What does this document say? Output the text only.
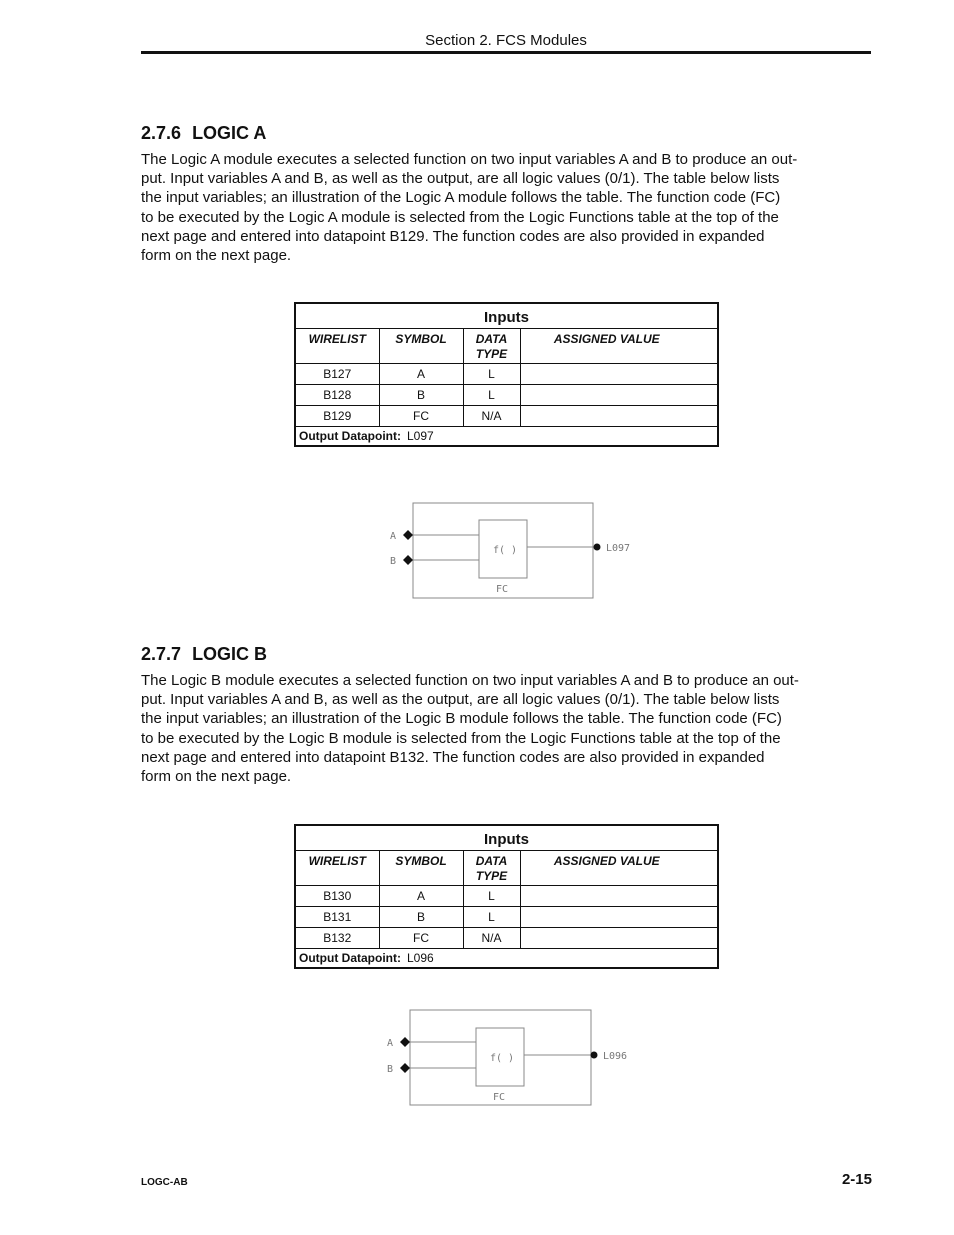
Section 2. FCS Modules
2.7.6 LOGIC A

The Logic A module executes a selected function on two input variables A and B to produce an out-
put. Input variables A and B, as well as the output, are all logic values (0/1). The table below lists
the input variables; an illustration of the Logic A module follows the table. The function code (FC)
to be executed by the Logic A module is selected from the Logic Functions table at the top of the
next page and entered into datapoint B129. The function codes are also provided in expanded
form on the next page.

Inputs			
WIRELIST	SYMBOL	DATA TYPE	ASSIGNED VALUE
B127	A	L	
B128	B	L	
B129	FC	N/A	
Output Datapoint: L097			
A
B
f( )
FC
L097
2.7.7 LOGIC B

The Logic B module executes a selected function on two input variables A and B to produce an out-
put. Input variables A and B, as well as the output, are all logic values (0/1). The table below lists
the input variables; an illustration of the Logic B module follows the table. The function code (FC)
to be executed by the Logic B module is selected from the Logic Functions table at the top of the
next page and entered into datapoint B132. The function codes are also provided in expanded
form on the next page.

Inputs			
WIRELIST	SYMBOL	DATA TYPE	ASSIGNED VALUE
B130	A	L	
B131	B	L	
B132	FC	N/A	
Output Datapoint: L096			
A
B
f( )
FC
L096
LOGC-AB	2-15
